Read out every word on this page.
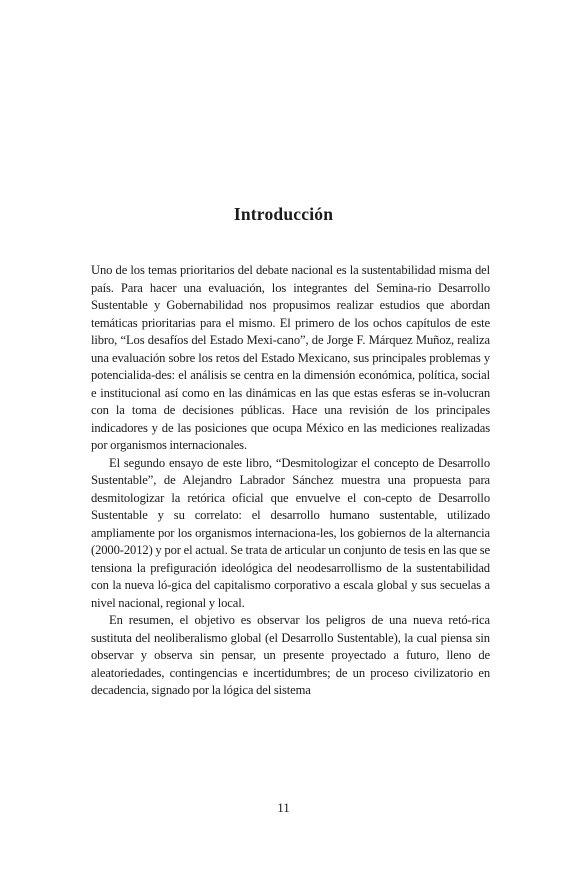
Introducción

Uno de los temas prioritarios del debate nacional es la sustentabilidad misma del país. Para hacer una evaluación, los integrantes del Semina-rio Desarrollo Sustentable y Gobernabilidad nos propusimos realizar estudios que abordan temáticas prioritarias para el mismo. El primero de los ochos capítulos de este libro, “Los desafíos del Estado Mexi-cano”, de Jorge F. Márquez Muñoz, realiza una evaluación sobre los retos del Estado Mexicano, sus principales problemas y potencialida-des: el análisis se centra en la dimensión económica, política, social e institucional así como en las dinámicas en las que estas esferas se in-volucran con la toma de decisiones públicas. Hace una revisión de los principales indicadores y de las posiciones que ocupa México en las mediciones realizadas por organismos internacionales.

El segundo ensayo de este libro, “Desmitologizar el concepto de Desarrollo Sustentable”, de Alejandro Labrador Sánchez muestra una propuesta para desmitologizar la retórica oficial que envuelve el con-cepto de Desarrollo Sustentable y su correlato: el desarrollo humano sustentable, utilizado ampliamente por los organismos internaciona-les, los gobiernos de la alternancia (2000-2012) y por el actual. Se trata de articular un conjunto de tesis en las que se tensiona la prefiguración ideológica del neodesarrollismo de la sustentabilidad con la nueva ló-gica del capitalismo corporativo a escala global y sus secuelas a nivel nacional, regional y local.

En resumen, el objetivo es observar los peligros de una nueva retó-rica sustituta del neoliberalismo global (el Desarrollo Sustentable), la cual piensa sin observar y observa sin pensar, un presente proyectado a futuro, lleno de aleatoriedades, contingencias e incertidumbres; de un proceso civilizatorio en decadencia, signado por la lógica del sistema

11
